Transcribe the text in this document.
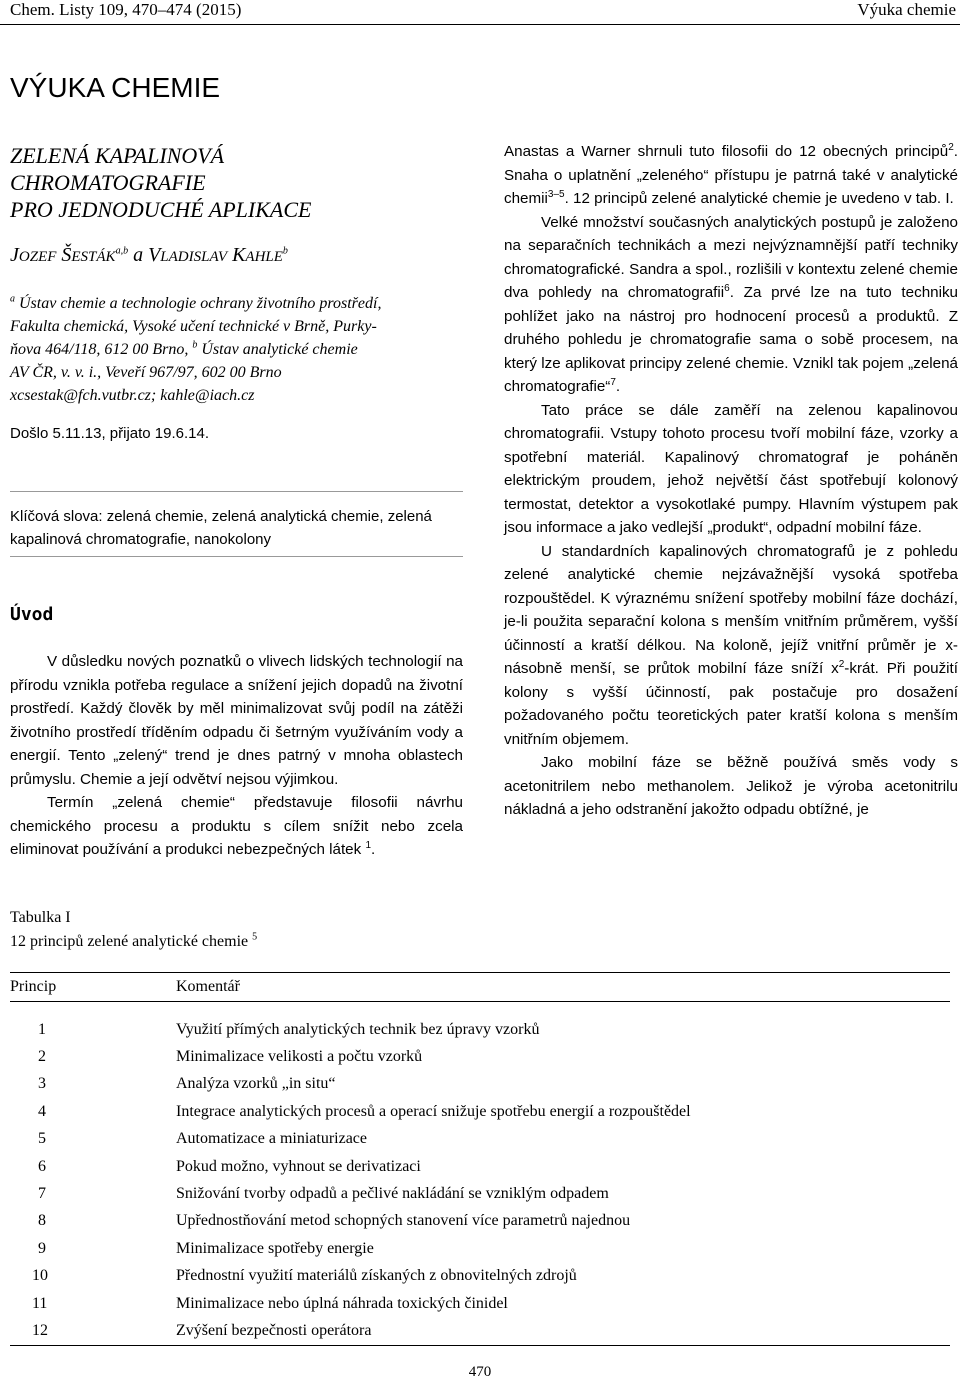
Chem. Listy 109, 470–474 (2015)	Výuka chemie
VÝUKA CHEMIE
ZELENÁ KAPALINOVÁ
CHROMATOGRAFIE
PRO JEDNODUCHÉ APLIKACE
JOZEF ŠESTÁK$^{a,b}$ a VLADISLAV KAHLE$^b$
$^a$ Ústav chemie a technologie ochrany životního prostředí,
Fakulta chemická, Vysoké učení technické v Brně, Purky-
ňova 464/118, 612 00 Brno, $^b$ Ústav analytické chemie
AV ČR, v. v. i., Veveří 967/97, 602 00 Brno
xcsestak@fch.vutbr.cz; kahle@iach.cz
Došlo 5.11.13, přijato 19.6.14.
Klíčová slova: zelená chemie, zelená analytická chemie, zelená kapalinová chromatografie, nanokolony
Úvod

V důsledku nových poznatků o vlivech lidských technologií na přírodu vznikla potřeba regulace a snížení jejich dopadů na životní prostředí. Každý člověk by měl minimalizovat svůj podíl na zátěži životního prostředí tříděním odpadu či šetrným využíváním vody a energií. Tento „zelený“ trend je dnes patrný v mnoha oblastech průmyslu. Chemie a její odvětví nejsou výjimkou.

Termín „zelená chemie“ představuje filosofii návrhu chemického procesu a produktu s cílem snížit nebo zcela eliminovat používání a produkci nebezpečných látek $^1$.

Anastas a Warner shrnuli tuto filosofii do 12 obecných principů$^2$. Snaha o uplatnění „zeleného“ přístupu je patrná také v analytické chemii$^{3-5}$. 12 principů zelené analytické chemie je uvedeno v tab. I.

Velké množství současných analytických postupů je založeno na separačních technikách a mezi nejvýznamnější patří techniky chromatografické. Sandra a spol., rozlišili v kontextu zelené chemie dva pohledy na chromatografii$^6$. Za prvé lze na tuto techniku pohlížet jako na nástroj pro hodnocení procesů a produktů. Z druhého pohledu je chromatografie sama o sobě procesem, na který lze aplikovat principy zelené chemie. Vznikl tak pojem „zelená chromatografie“$^7$.

Tato práce se dále zaměří na zelenou kapalinovou chromatografii. Vstupy tohoto procesu tvoří mobilní fáze, vzorky a spotřební materiál. Kapalinový chromatograf je poháněn elektrickým proudem, jehož největší část spotřebují kolonový termostat, detektor a vysokotlaké pumpy. Hlavním výstupem pak jsou informace a jako vedlejší „produkt“, odpadní mobilní fáze.

U standardních kapalinových chromatografů je z pohledu zelené analytické chemie nejzávažnější vysoká spotřeba rozpouštědel. K výraznému snížení spotřeby mobilní fáze dochází, je-li použita separační kolona s menším vnitřním průměrem, vyšší účinností a kratší délkou. Na koloně, jejíž vnitřní průměr je x-násobně menší, se průtok mobilní fáze sníží $x^2$-krát. Při použití kolony s vyšší účinností, pak postačuje pro dosažení požadovaného počtu teoretických pater kratší kolona s menším vnitřním objemem.

Jako mobilní fáze se běžně používá směs vody s acetonitrilem nebo methanolem. Jelikož je výroba acetonitrilu nákladná a jeho odstranění jakožto odpadu obtížné, je

Tabulka I
12 principů zelené analytické chemie $^5$
Princip	Komentář
1	Využití přímých analytických technik bez úpravy vzorků
2	Minimalizace velikosti a počtu vzorků
3	Analýza vzorků „in situ“
4	Integrace analytických procesů a operací snižuje spotřebu energií a rozpouštědel
5	Automatizace a miniaturizace
6	Pokud možno, vyhnout se derivatizaci
7	Snižování tvorby odpadů a pečlivé nakládání se vzniklým odpadem
8	Upřednostňování metod schopných stanovení více parametrů najednou
9	Minimalizace spotřeby energie
10	Přednostní využití materiálů získaných z obnovitelných zdrojů
11	Minimalizace nebo úplná náhrada toxických činidel
12	Zvýšení bezpečnosti operátora
470
